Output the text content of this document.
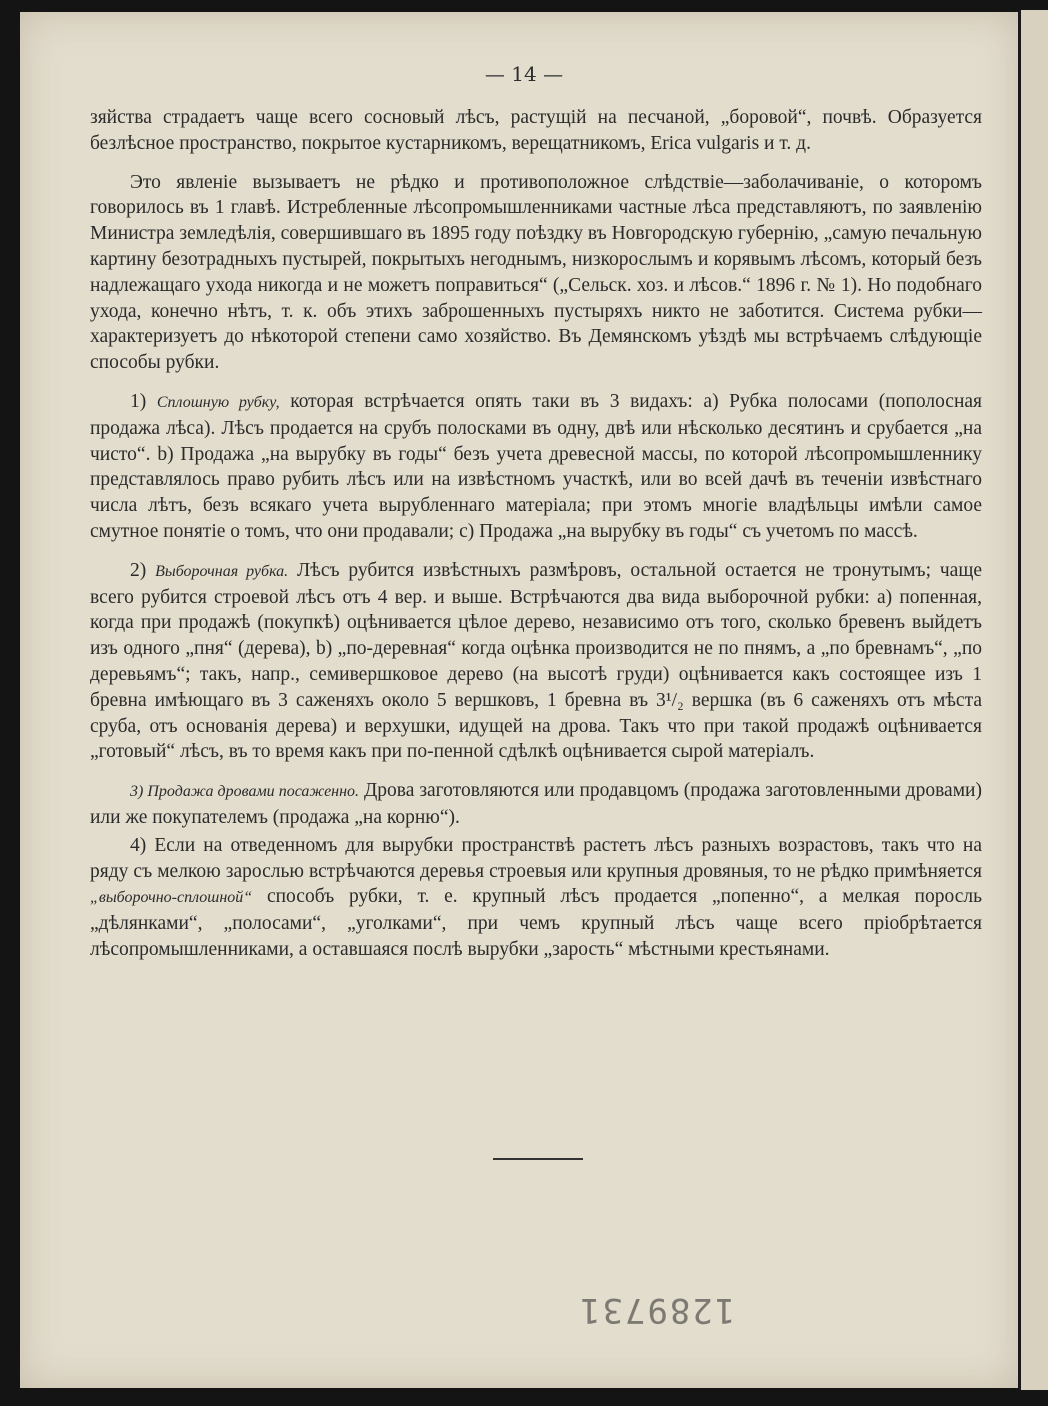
— 14 —

зяйства страдаетъ чаще всего сосновый лѣсъ, растущій на песчаной, „боровой“, почвѣ. Образуется безлѣсное пространство, покрытое кустарникомъ, верещатникомъ, Erica vulgaris и т. д.

Это явленіе вызываетъ не рѣдко и противоположное слѣдствіе—заболачиваніе, о которомъ говорилось въ 1 главѣ. Истребленные лѣсопромышленниками частные лѣса представляютъ, по заявленію Министра земледѣлія, совершившаго въ 1895 году поѣздку въ Новгородскую губернію, „самую печальную картину безотрадныхъ пустырей, покрытыхъ негоднымъ, низкорослымъ и корявымъ лѣсомъ, который безъ надлежащаго ухода никогда и не можетъ поправиться“ („Сельск. хоз. и лѣсов.“ 1896 г. № 1). Но подобнаго ухода, конечно нѣтъ, т. к. объ этихъ заброшенныхъ пустыряхъ никто не заботится. Система рубки—характеризуетъ до нѣкоторой степени само хозяйство. Въ Демянскомъ уѣздѣ мы встрѣчаемъ слѣдующіе способы рубки.

1) Сплошную рубку, которая встрѣчается опять таки въ 3 видахъ: a) Рубка полосами (пополосная продажа лѣса). Лѣсъ продается на срубъ полосками въ одну, двѣ или нѣсколько десятинъ и срубается „на чисто“. b) Продажа „на вырубку въ годы“ безъ учета древесной массы, по которой лѣсопромышленнику представлялось право рубить лѣсъ или на извѣстномъ участкѣ, или во всей дачѣ въ теченіи извѣстнаго числа лѣтъ, безъ всякаго учета вырубленнаго матеріала; при этомъ многіе владѣльцы имѣли самое смутное понятіе о томъ, что они продавали; c) Продажа „на вырубку въ годы“ съ учетомъ по массѣ.

2) Выборочная рубка. Лѣсъ рубится извѣстныхъ размѣровъ, остальной остается не тронутымъ; чаще всего рубится строевой лѣсъ отъ 4 вер. и выше. Встрѣчаются два вида выборочной рубки: a) попенная, когда при продажѣ (покупкѣ) оцѣнивается цѣлое дерево, независимо отъ того, сколько бревенъ выйдетъ изъ одного „пня“ (дерева), b) „по-деревная“ когда оцѣнка производится не по пнямъ, а „по бревнамъ“, „по деревьямъ“; такъ, напр., семивершковое дерево (на высотѣ груди) оцѣнивается какъ состоящее изъ 1 бревна имѣющаго въ 3 саженяхъ около 5 вершковъ, 1 бревна въ 3¹/₂ вершка (въ 6 саженяхъ отъ мѣста сруба, отъ основанія дерева) и верхушки, идущей на дрова. Такъ что при такой продажѣ оцѣнивается „готовый“ лѣсъ, въ то время какъ при по-пенной сдѣлкѣ оцѣнивается сырой матеріалъ.

3) Продажа дровами посаженно. Дрова заготовляются или продавцомъ (продажа заготовленными дровами) или же покупателемъ (продажа „на корню“).

4) Если на отведенномъ для вырубки пространствѣ растетъ лѣсъ разныхъ возрастовъ, такъ что на ряду съ мелкою зарослью встрѣчаются деревья строевыя или крупныя дровяныя, то не рѣдко примѣняется „выборочно-сплошной“ способъ рубки, т. е. крупный лѣсъ продается „попенно“, а мелкая поросль „дѣлянками“, „полосами“, „уголками“, при чемъ крупный лѣсъ чаще всего пріобрѣтается лѣсопромышленниками, а оставшаяся послѣ вырубки „зарость“ мѣстными крестьянами.

1289731
